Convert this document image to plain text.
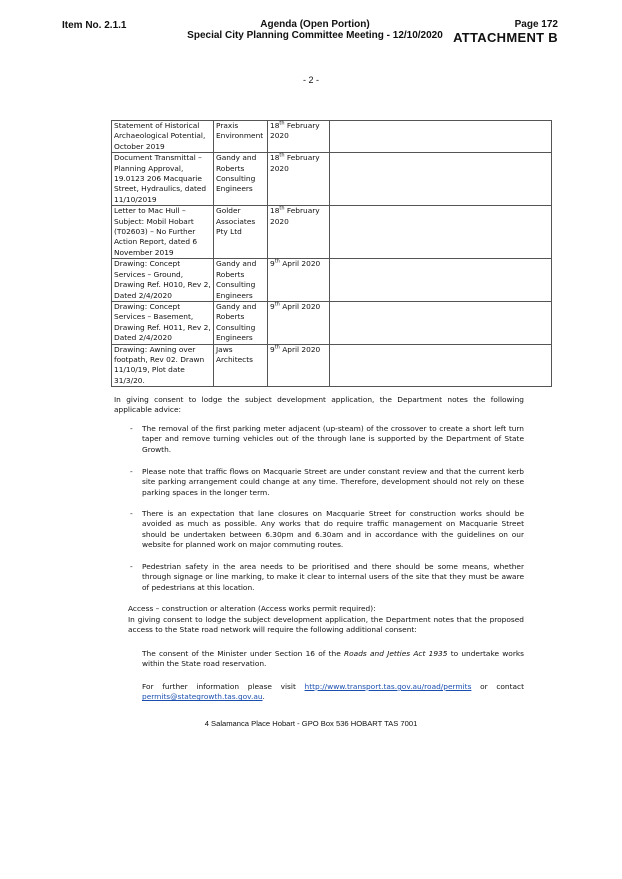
Item No. 2.1.1	Agenda (Open Portion)
Special City Planning Committee Meeting - 12/10/2020
Page 172
ATTACHMENT B
- 2 -
Statement of Historical Archaeological Potential, October 2019	Praxis Environment	18th February 2020	
Document Transmittal – Planning Approval, 19.0123 206 Macquarie Street, Hydraulics, dated 11/10/2019	Gandy and Roberts Consulting Engineers	18th February 2020	
Letter to Mac Hull – Subject: Mobil Hobart (T02603) – No Further Action Report, dated 6 November 2019	Golder Associates Pty Ltd	18th February 2020	
Drawing: Concept Services – Ground, Drawing Ref. H010, Rev 2, Dated 2/4/2020	Gandy and Roberts Consulting Engineers	9th April 2020	
Drawing: Concept Services – Basement, Drawing Ref. H011, Rev 2, Dated 2/4/2020	Gandy and Roberts Consulting Engineers	9th April 2020	
Drawing: Awning over footpath, Rev 02. Drawn 11/10/19, Plot date 31/3/20.	Jaws Architects	9th April 2020	
In giving consent to lodge the subject development application, the Department notes the following applicable advice:
- The removal of the first parking meter adjacent (up-steam) of the crossover to create a short left turn taper and remove turning vehicles out of the through lane is supported by the Department of State Growth.
- Please note that traffic flows on Macquarie Street are under constant review and that the current kerb site parking arrangement could change at any time. Therefore, development should not rely on these parking spaces in the longer term.
- There is an expectation that lane closures on Macquarie Street for construction works should be avoided as much as possible. Any works that do require traffic management on Macquarie Street should be undertaken between 6.30pm and 6.30am and in accordance with the guidelines on our website for planned work on major commuting routes.
- Pedestrian safety in the area needs to be prioritised and there should be some means, whether through signage or line marking, to make it clear to internal users of the site that they must be aware of pedestrians at this location.
Access – construction or alteration (Access works permit required):
In giving consent to lodge the subject development application, the Department notes that the proposed access to the State road network will require the following additional consent:
The consent of the Minister under Section 16 of the Roads and Jetties Act 1935 to undertake works within the State road reservation.
For further information please visit http://www.transport.tas.gov.au/road/permits or contact permits@stategrowth.tas.gov.au.
4 Salamanca Place Hobart - GPO Box 536 HOBART TAS 7001
